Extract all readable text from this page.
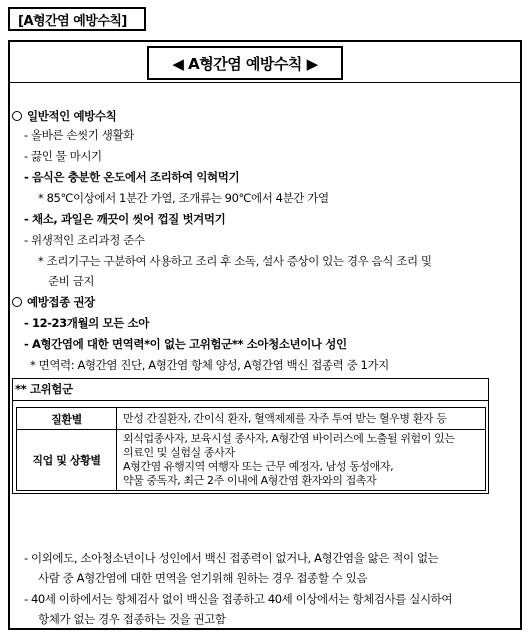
[A형간염 예방수칙]
◀ A형간염 예방수칙 ▶
일반적인 예방수칙
- 올바른 손씻기 생활화
- 끓인 물 마시기
- 음식은 충분한 온도에서 조리하여 익혀먹기
* 85℃이상에서 1분간 가열, 조개류는 90℃에서 4분간 가열
- 채소, 과일은 깨끗이 씻어 껍질 벗겨먹기
- 위생적인 조리과정 준수
* 조리기구는 구분하여 사용하고 조리 후 소독, 설사 증상이 있는 경우 음식 조리 및
준비 금지
예방접종 권장
- 12-23개월의 모든 소아
- A형간염에 대한 면역력*이 없는 고위험군** 소아청소년이나 성인
* 면역력: A형간염 진단, A형간염 항체 양성, A형간염 백신 접종력 중 1가지
** 고위험군
질환별	만성 간질환자, 간이식 환자, 혈액제제를 자주 투여 받는 혈우병 환자 등

직업 및 상황별	외식업종사자, 보육시설 종사자, A형간염 바이러스에 노출될 위험이 있는
의료인 및 실험실 종사자
A형간염 유행지역 여행자 또는 근무 예정자, 남성 동성애자,
약물 중독자, 최근 2주 이내에 A형간염 환자와의 접촉자
- 이외에도, 소아청소년이나 성인에서 백신 접종력이 없거나, A형간염을 앓은 적이 없는
사람 중 A형간염에 대한 면역을 얻기위해 원하는 경우 접종할 수 있음
- 40세 이하에서는 항체검사 없이 백신을 접종하고 40세 이상에서는 항체검사를 실시하여
항체가 없는 경우 접종하는 것을 권고함
